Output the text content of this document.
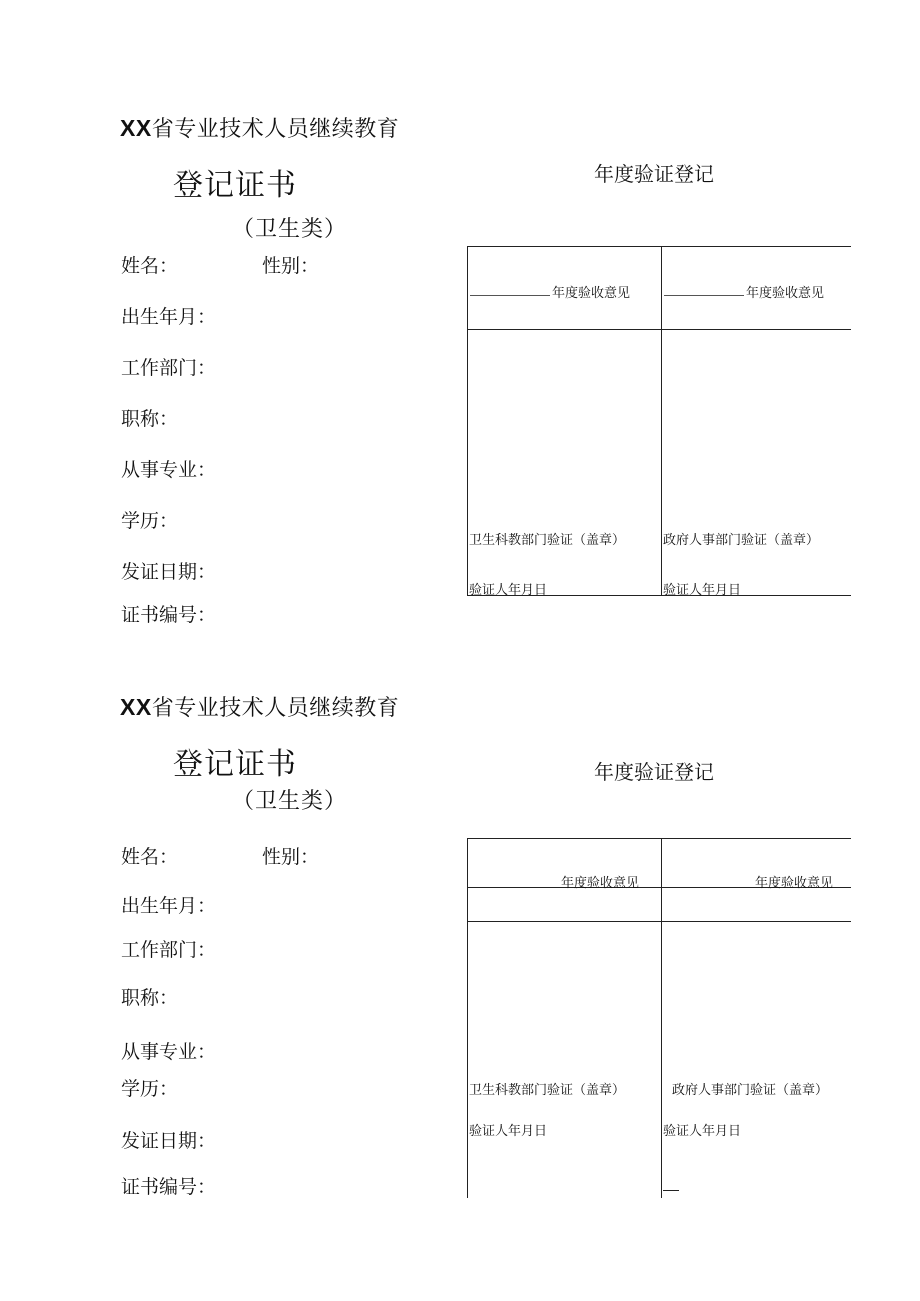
XX省专业技术人员继续教育
登记证书
（卫生类）
年度验证登记
姓名：	性别：
出生年月：
工作部门：
职称：
从事专业：
学历：
发证日期：
证书编号：
年度验收意见	年度验收意见
卫生科教部门验证（盖章）	政府人事部门验证（盖章）
验证人年月日	验证人年月日
XX省专业技术人员继续教育
登记证书
（卫生类）
年度验证登记
姓名：	性别：
出生年月：
工作部门：
职称：
从事专业：
学历：
发证日期：
证书编号：
年度验收意见	年度验收意见
卫生科教部门验证（盖章）	政府人事部门验证（盖章）
验证人年月日	验证人年月日
